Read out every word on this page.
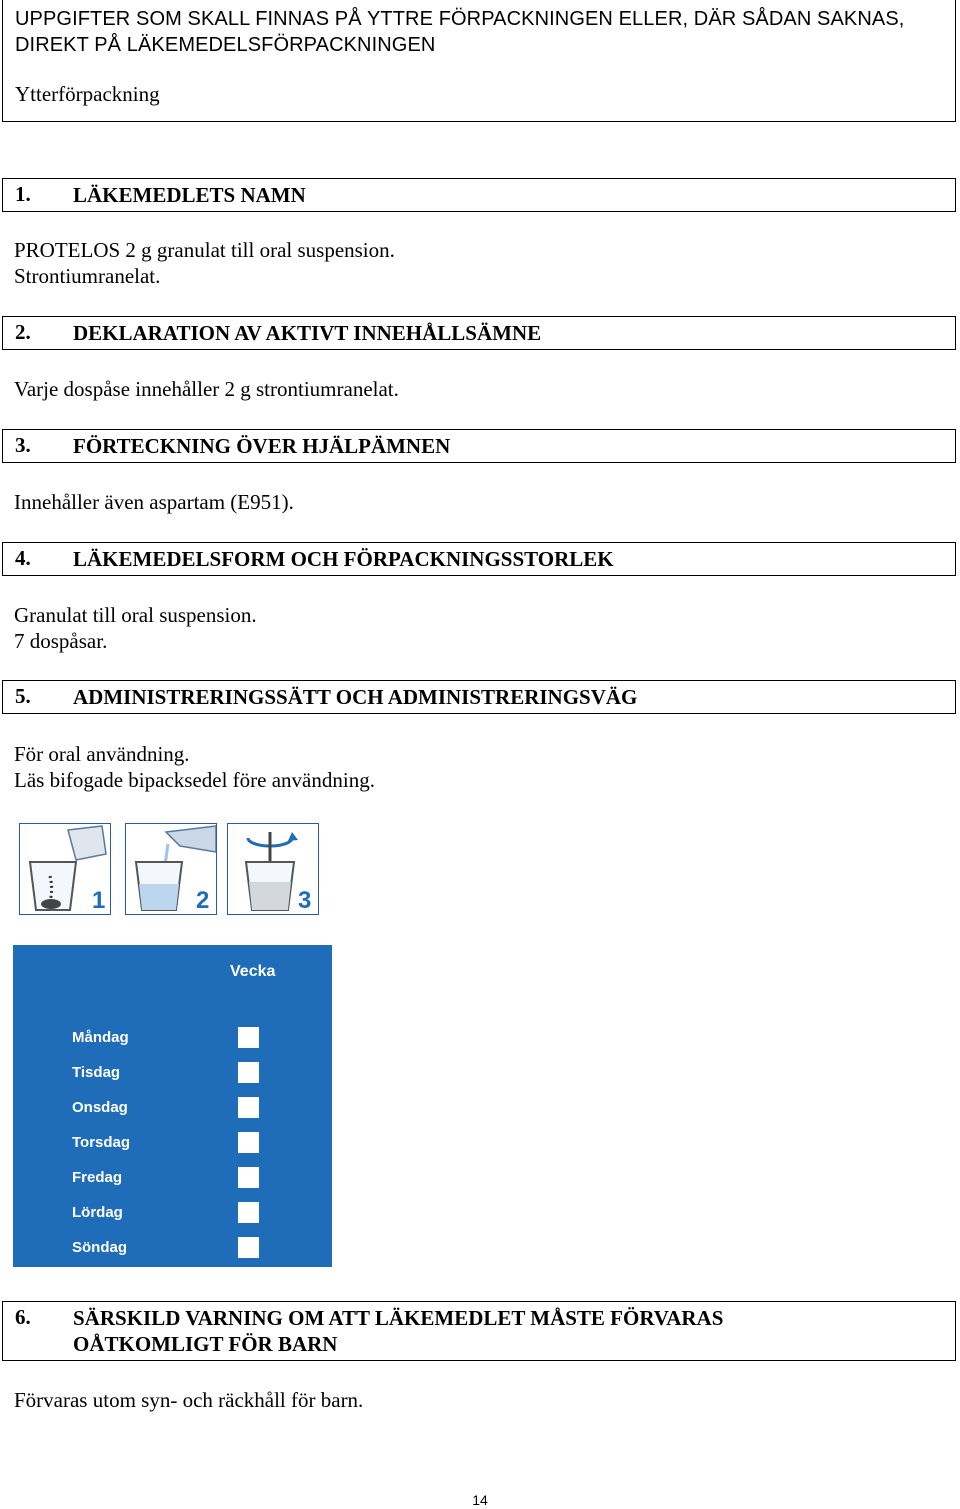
UPPGIFTER SOM SKALL FINNAS PÅ YTTRE FÖRPACKNINGEN ELLER, DÄR SÅDAN SAKNAS, DIREKT PÅ LÄKEMEDELSFÖRPACKNINGEN
Ytterförpackning
1. LÄKEMEDLETS NAMN
PROTELOS 2 g granulat till oral suspension.
Strontiumranelat.
2. DEKLARATION AV AKTIVT INNEHÅLLSÄMNE
Varje dospåse innehåller 2 g strontiumranelat.
3. FÖRTECKNING ÖVER HJÄLPÄMNEN
Innehåller även aspartam (E951).
4. LÄKEMEDELSFORM OCH FÖRPACKNINGSSTORLEK
Granulat till oral suspension.
7 dospåsar.
5. ADMINISTRERINGSSÄTT OCH ADMINISTRERINGSVÄG
För oral användning.
Läs bifogade bipacksedel före användning.
1	2	3
Vecka
Måndag
Tisdag
Onsdag
Torsdag
Fredag
Lördag
Söndag
6. SÄRSKILD VARNING OM ATT LÄKEMEDLET MÅSTE FÖRVARAS OÅTKOMLIGT FÖR BARN
Förvaras utom syn- och räckhåll för barn.
14
